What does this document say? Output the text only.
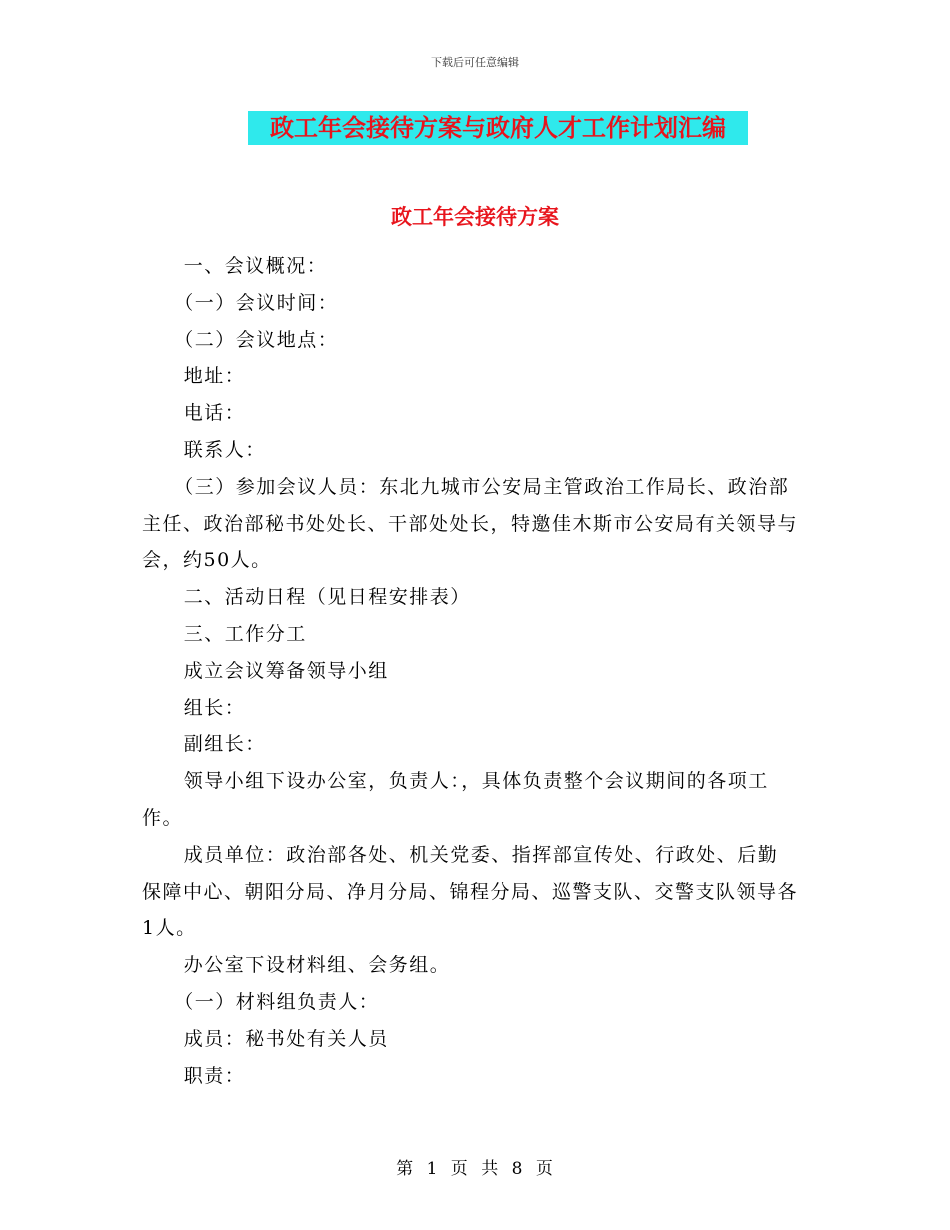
下载后可任意编辑
政工年会接待方案与政府人才工作计划汇编
政工年会接待方案

一、会议概况：

（一）会议时间：

（二）会议地点：

地址：

电话：

联系人：

（三）参加会议人员：东北九城市公安局主管政治工作局长、政治部主任、政治部秘书处处长、干部处处长，特邀佳木斯市公安局有关领导与会，约50人。

二、活动日程（见日程安排表）

三、工作分工

成立会议筹备领导小组

组长：

副组长：

领导小组下设办公室，负责人：，具体负责整个会议期间的各项工作。

成员单位：政治部各处、机关党委、指挥部宣传处、行政处、后勤保障中心、朝阳分局、净月分局、锦程分局、巡警支队、交警支队领导各1人。

办公室下设材料组、会务组。

（一）材料组负责人：

成员：秘书处有关人员

职责：

第 1 页 共 8 页
